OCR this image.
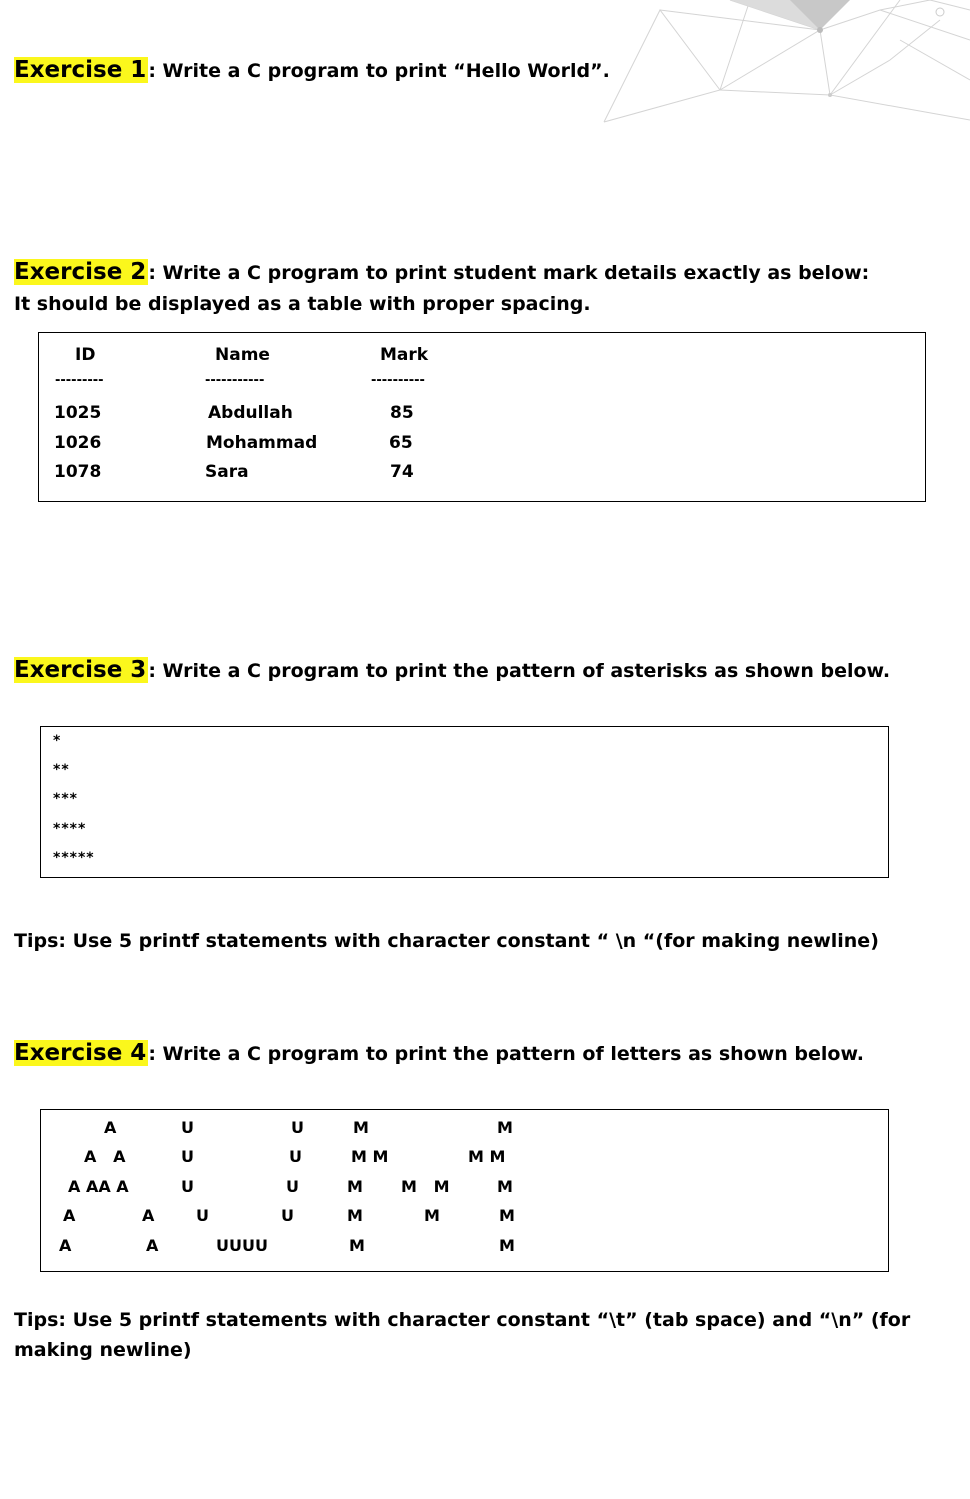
Exercise 1 : Write a C program to print “Hello World”.
Exercise 2 : Write a C program to print student mark details exactly as below:
It should be displayed as a table with proper spacing.
ID	Name	Mark
---------	-----------	----------
1025	Abdullah	85
1026	Mohammad	65
1078	Sara	74
Exercise 3 : Write a C program to print the pattern of asterisks as shown below.
*
**
***
****
*****
Tips: Use 5 printf statements with character constant “ \n “(for making newline)
Exercise 4 : Write a C program to print the pattern of letters as shown below.
A	U	U	M	M
A   A	U	U	M M	M M
A AA A	U	U	M M   M	M
A	A	U	U	M	M	M
A	A	UUUU	M	M
Tips: Use 5 printf statements with character constant “\t” (tab space) and “\n” (for making newline)
